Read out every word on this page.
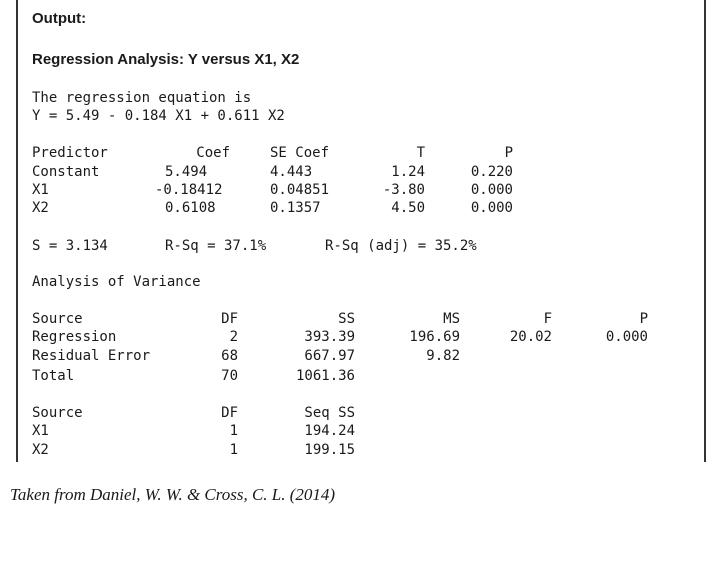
Output:
Regression Analysis: Y versus X1, X2
The regression equation is
Y = 5.49 - 0.184 X1 + 0.611 X2
Predictor	Coef	SE Coef	T	P
Constant	5.494	4.443	1.24	0.220
X1	-0.18412	0.04851	-3.80	0.000
X2	0.6108	0.1357	4.50	0.000
S = 3.134	R-Sq = 37.1%	R-Sq (adj) = 35.2%
Analysis of Variance
Source	DF	SS	MS	F	P
Regression	2	393.39	196.69	20.02	0.000
Residual Error	68	667.97	9.82
Total	70	1061.36
Source	DF	Seq SS
X1	1	194.24
X2	1	199.15
Taken from Daniel, W. W. & Cross, C. L. (2014)
